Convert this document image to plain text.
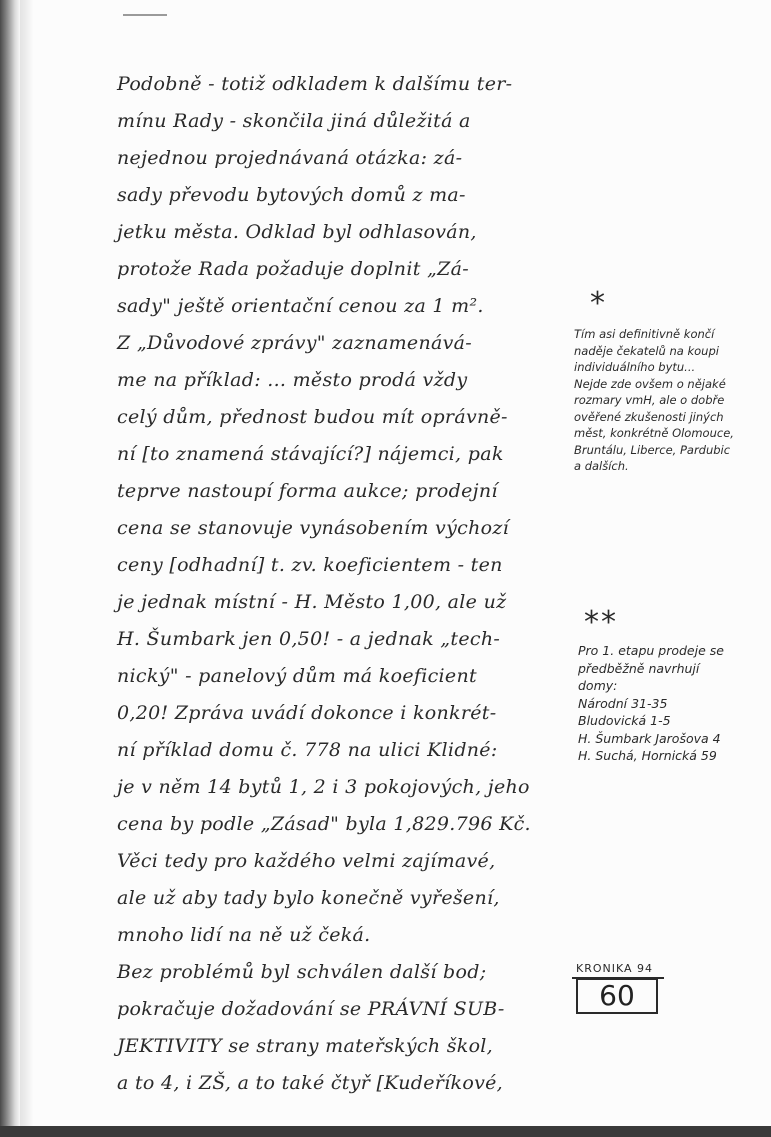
Podobně - totiž odkladem k dalšímu ter-
mínu Rady - skončila jiná důležitá a
nejednou projednávaná otázka: zá-
sady převodu bytových domů z ma-
jetku města. Odklad byl odhlasován,
protože Rada požaduje doplnit „Zá-
sady" ještě orientační cenou za 1 m².
Z „Důvodové zprávy" zaznamenává-
me na příklad: ... město prodá vždy
celý dům, přednost budou mít oprávně-
ní [to znamená stávající?] nájemci, pak
teprve nastoupí forma aukce; prodejní
cena se stanovuje vynásobením výchozí
ceny [odhadní] t. zv. koeficientem - ten
je jednak místní - H. Město 1,00, ale už
H. Šumbark jen 0,50! - a jednak „tech-
nický" - panelový dům má koeficient
0,20! Zpráva uvádí dokonce i konkrét-
ní příklad domu č. 778 na ulici Klidné:
je v něm 14 bytů 1, 2 i 3 pokojových, jeho
cena by podle „Zásad" byla 1,829.796 Kč.
Věci tedy pro každého velmi zajímavé,
ale už aby tady bylo konečně vyřešení,
mnoho lidí na ně už čeká.
Bez problémů byl schválen další bod;
pokračuje dožadování se PRÁVNÍ SUB-
JEKTIVITY se strany mateřských škol,
a to 4, i ZŠ, a to také čtyř [Kudeříkové,
*
Tím asi definitivně končí
naděje čekatelů na koupi
individuálního bytu...
Nejde zde ovšem o nějaké
rozmary vmH, ale o dobře
ověřené zkušenosti jiných
měst, konkrétně Olomouce,
Bruntálu, Liberce, Pardubic
a dalších.
**
Pro 1. etapu prodeje se
předběžně navrhují
domy:
Národní 31-35
Bludovická 1-5
H. Šumbark Jarošova 4
H. Suchá, Hornická 59
KRONIKA 94
60
